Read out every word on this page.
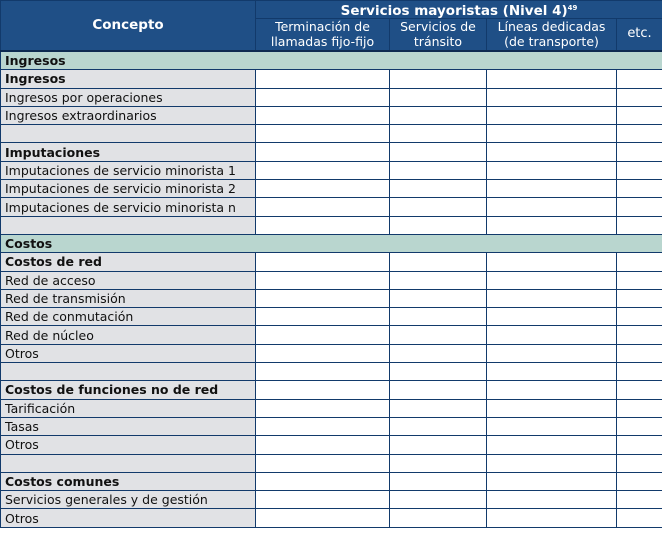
Concepto	Servicios mayoristas (Nivel 4)$^{49}$
	Terminación de llamadas fijo-fijo	Servicios de tránsito	Líneas dedicadas (de transporte)	etc.
Ingresos				
Ingresos				
Ingresos por operaciones				
Ingresos extraordinarios				

Imputaciones				
Imputaciones de servicio minorista 1				
Imputaciones de servicio minorista 2				
Imputaciones de servicio minorista n				

Costos				
Costos de red				
Red de acceso				
Red de transmisión				
Red de conmutación				
Red de núcleo				
Otros				

Costos de funciones no de red				
Tarificación				
Tasas				
Otros				

Costos comunes				
Servicios generales y de gestión				
Otros				
